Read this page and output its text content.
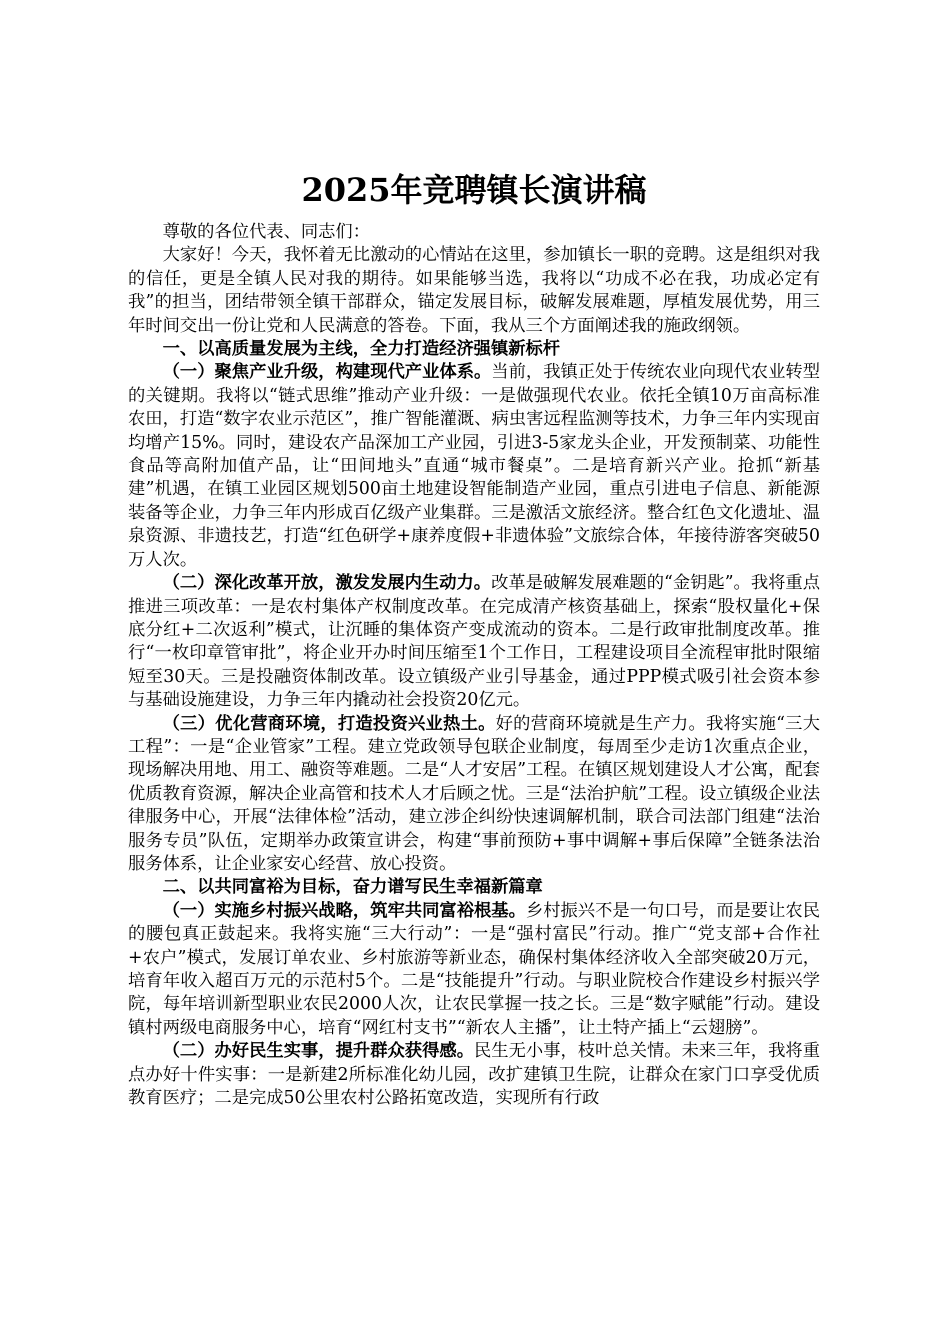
2025年竞聘镇长演讲稿

尊敬的各位代表、同志们：

大家好！今天，我怀着无比激动的心情站在这里，参加镇长一职的竞聘。这是组织对我的信任，更是全镇人民对我的期待。如果能够当选，我将以“功成不必在我，功成必定有我”的担当，团结带领全镇干部群众，锚定发展目标，破解发展难题，厚植发展优势，用三年时间交出一份让党和人民满意的答卷。下面，我从三个方面阐述我的施政纲领。

一、以高质量发展为主线，全力打造经济强镇新标杆

（一）聚焦产业升级，构建现代产业体系。当前，我镇正处于传统农业向现代农业转型的关键期。我将以“链式思维”推动产业升级：一是做强现代农业。依托全镇10万亩高标准农田，打造“数字农业示范区”，推广智能灌溉、病虫害远程监测等技术，力争三年内实现亩均增产15%。同时，建设农产品深加工产业园，引进3-5家龙头企业，开发预制菜、功能性食品等高附加值产品，让“田间地头”直通“城市餐桌”。二是培育新兴产业。抢抓“新基建”机遇，在镇工业园区规划500亩土地建设智能制造产业园，重点引进电子信息、新能源装备等企业，力争三年内形成百亿级产业集群。三是激活文旅经济。整合红色文化遗址、温泉资源、非遗技艺，打造“红色研学+康养度假+非遗体验”文旅综合体，年接待游客突破50万人次。

（二）深化改革开放，激发发展内生动力。改革是破解发展难题的“金钥匙”。我将重点推进三项改革：一是农村集体产权制度改革。在完成清产核资基础上，探索“股权量化+保底分红+二次返利”模式，让沉睡的集体资产变成流动的资本。二是行政审批制度改革。推行“一枚印章管审批”，将企业开办时间压缩至1个工作日，工程建设项目全流程审批时限缩短至30天。三是投融资体制改革。设立镇级产业引导基金，通过PPP模式吸引社会资本参与基础设施建设，力争三年内撬动社会投资20亿元。

（三）优化营商环境，打造投资兴业热土。好的营商环境就是生产力。我将实施“三大工程”：一是“企业管家”工程。建立党政领导包联企业制度，每周至少走访1次重点企业，现场解决用地、用工、融资等难题。二是“人才安居”工程。在镇区规划建设人才公寓，配套优质教育资源，解决企业高管和技术人才后顾之忧。三是“法治护航”工程。设立镇级企业法律服务中心，开展“法律体检”活动，建立涉企纠纷快速调解机制，联合司法部门组建“法治服务专员”队伍，定期举办政策宣讲会，构建“事前预防+事中调解+事后保障”全链条法治服务体系，让企业家安心经营、放心投资。

二、以共同富裕为目标，奋力谱写民生幸福新篇章

（一）实施乡村振兴战略，筑牢共同富裕根基。乡村振兴不是一句口号，而是要让农民的腰包真正鼓起来。我将实施“三大行动”：一是“强村富民”行动。推广“党支部+合作社+农户”模式，发展订单农业、乡村旅游等新业态，确保村集体经济收入全部突破20万元，培育年收入超百万元的示范村5个。二是“技能提升”行动。与职业院校合作建设乡村振兴学院，每年培训新型职业农民2000人次，让农民掌握一技之长。三是“数字赋能”行动。建设镇村两级电商服务中心，培育“网红村支书”“新农人主播”，让土特产插上“云翅膀”。

（二）办好民生实事，提升群众获得感。民生无小事，枝叶总关情。未来三年，我将重点办好十件实事：一是新建2所标准化幼儿园，改扩建镇卫生院，让群众在家门口享受优质教育医疗；二是完成50公里农村公路拓宽改造，实现所有行政
